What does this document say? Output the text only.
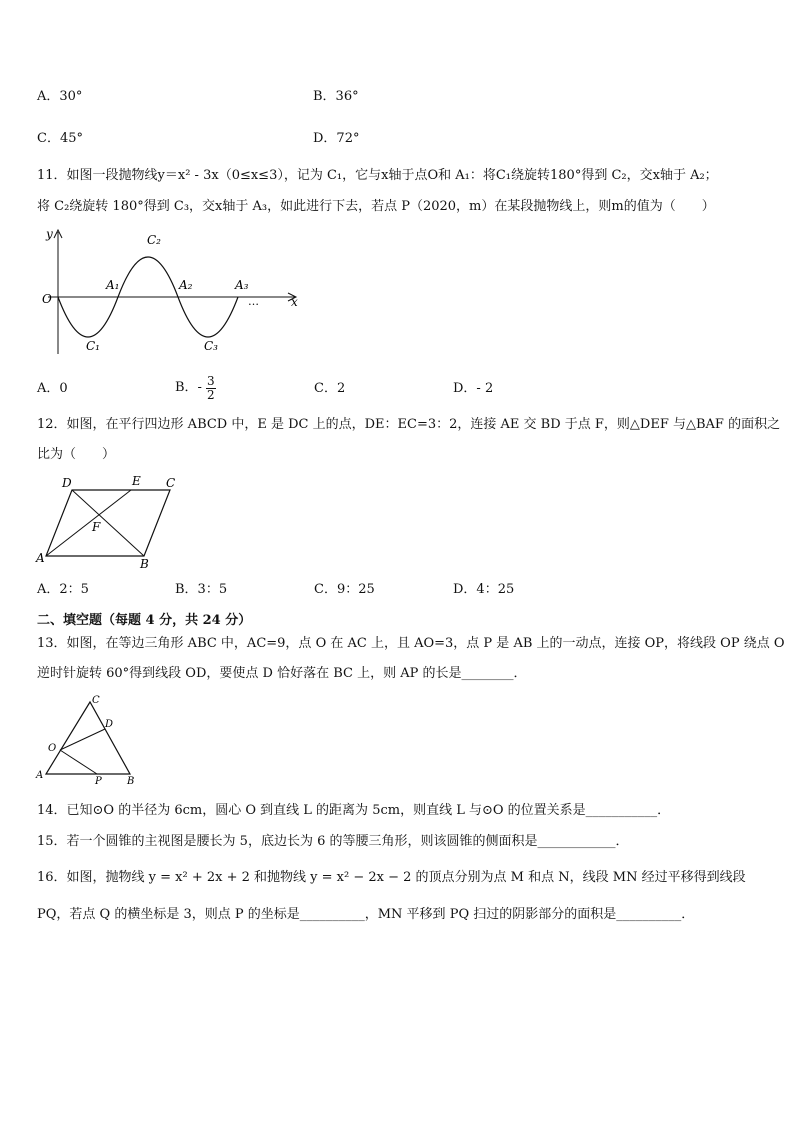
A．30°	B．36°
C．45°	D．72°
11．如图一段抛物线y＝x² - 3x（0≤x≤3），记为 C₁，它与x轴于点O和 A₁：将C₁绕旋转180°得到 C₂，交x轴于 A₂；
将 C₂绕旋转 180°得到 C₃，交x轴于 A₃，如此进行下去，若点 P（2020，m）在某段抛物线上，则m的值为（　　）
y
x
O
A₁	A₂	A₃
C₂
C₁	C₃
…
A．0	B．- $\frac{3}{2}$	C．2	D．- 2
12．如图，在平行四边形 ABCD 中，E 是 DC 上的点，DE：EC=3：2，连接 AE 交 BD 于点 F，则△DEF 与△BAF 的面积之
比为（　　）
A	B
C
D	E
F
A．2：5	B．3：5	C．9：25	D．4：25
二、填空题（每题 4 分，共 24 分）
13．如图，在等边三角形 ABC 中，AC=9，点 O 在 AC 上，且 AO=3，点 P 是 AB 上的一动点，连接 OP，将线段 OP 绕点 O
逆时针旋转 60°得到线段 OD，要使点 D 恰好落在 BC 上，则 AP 的长是________．
A
B
C
D
O
P
14．已知⊙O 的半径为 6cm，圆心 O 到直线 L 的距离为 5cm，则直线 L 与⊙O 的位置关系是___________．
15．若一个圆锥的主视图是腰长为 5，底边长为 6 的等腰三角形，则该圆锥的侧面积是____________．
16．如图，抛物线 y = x² + 2x + 2 和抛物线 y = x² − 2x − 2 的顶点分别为点 M 和点 N，线段 MN 经过平移得到线段
PQ，若点 Q 的横坐标是 3，则点 P 的坐标是__________，MN 平移到 PQ 扫过的阴影部分的面积是__________．
